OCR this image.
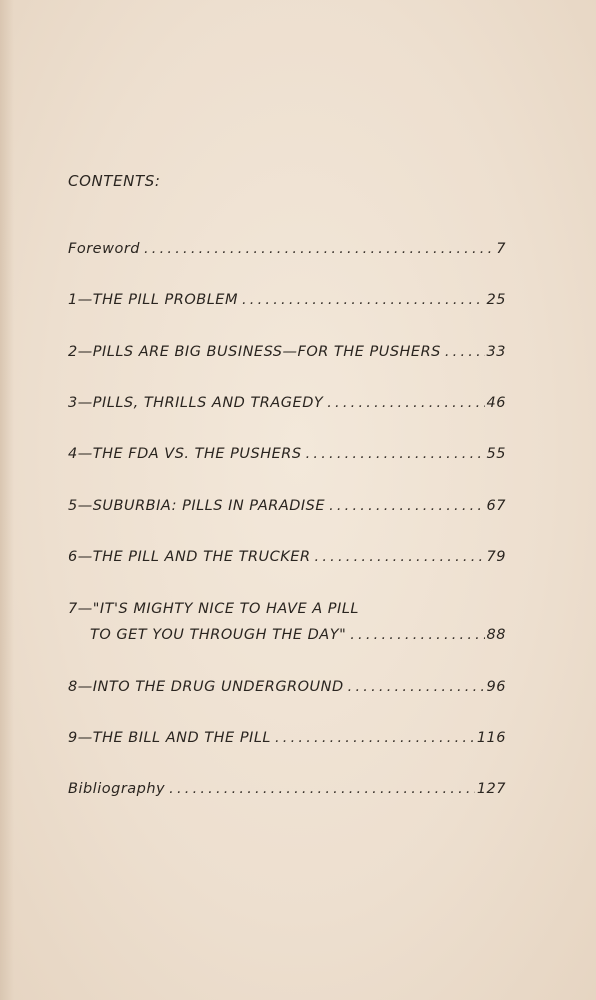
CONTENTS:
Foreword .....	7
1—THE PILL PROBLEM .....	25
2—PILLS ARE BIG BUSINESS—FOR THE PUSHERS .....	33
3—PILLS, THRILLS AND TRAGEDY .....	46
4—THE FDA VS. THE PUSHERS .....	55
5—SUBURBIA: PILLS IN PARADISE .....	67
6—THE PILL AND THE TRUCKER .....	79
7—"IT'S MIGHTY NICE TO HAVE A PILL
TO GET YOU THROUGH THE DAY" .....	88
8—INTO THE DRUG UNDERGROUND .....	96
9—THE BILL AND THE PILL .....	116
Bibliography .....	127
